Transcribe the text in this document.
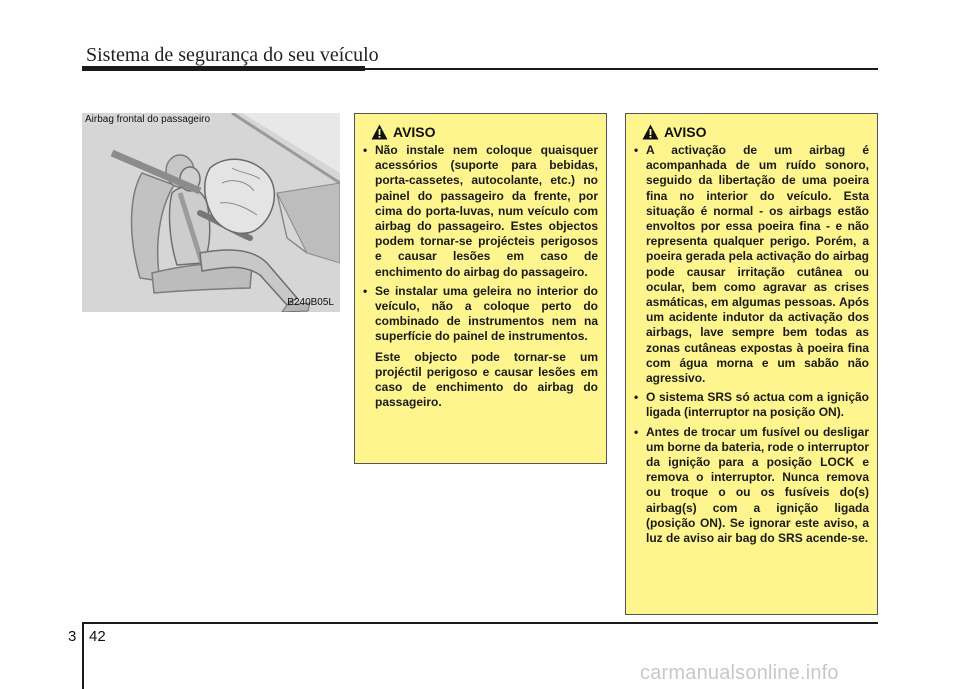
Sistema de segurança do seu veículo
Airbag frontal do passageiro
B240B05L
AVISO
• Não instale nem coloque quaisquer acessórios (suporte para bebidas, porta-cassetes, autocolante, etc.) no painel do passageiro da frente, por cima do porta-luvas, num veículo com airbag do passageiro. Estes objectos podem tornar-se projécteis perigosos e causar lesões em caso de enchimento do airbag do passageiro.

• Se instalar uma geleira no interior do veículo, não a coloque perto do combinado de instrumentos nem na superfície do painel de instrumentos.

Este objecto pode tornar-se um projéctil perigoso e causar lesões em caso de enchimento do airbag do passageiro.

AVISO
• A activação de um airbag é acompanhada de um ruído sonoro, seguido da libertação de uma poeira fina no interior do veículo. Esta situação é normal - os airbags estão envoltos por essa poeira fina - e não representa qualquer perigo. Porém, a poeira gerada pela activação do airbag pode causar irritação cutânea ou ocular, bem como agravar as crises asmáticas, em algumas pessoas. Após um acidente indutor da activação dos airbags, lave sempre bem todas as zonas cutâneas expostas à poeira fina com água morna e um sabão não agressivo.

• O sistema SRS só actua com a ignição ligada (interruptor na posição ON).

• Antes de trocar um fusível ou desligar um borne da bateria, rode o interruptor da ignição para a posição LOCK e remova o interruptor. Nunca remova ou troque o ou os fusíveis do(s) airbag(s) com a ignição ligada (posição ON). Se ignorar este aviso, a luz de aviso air bag do SRS acende-se.

3 42
carmanualsonline.info
